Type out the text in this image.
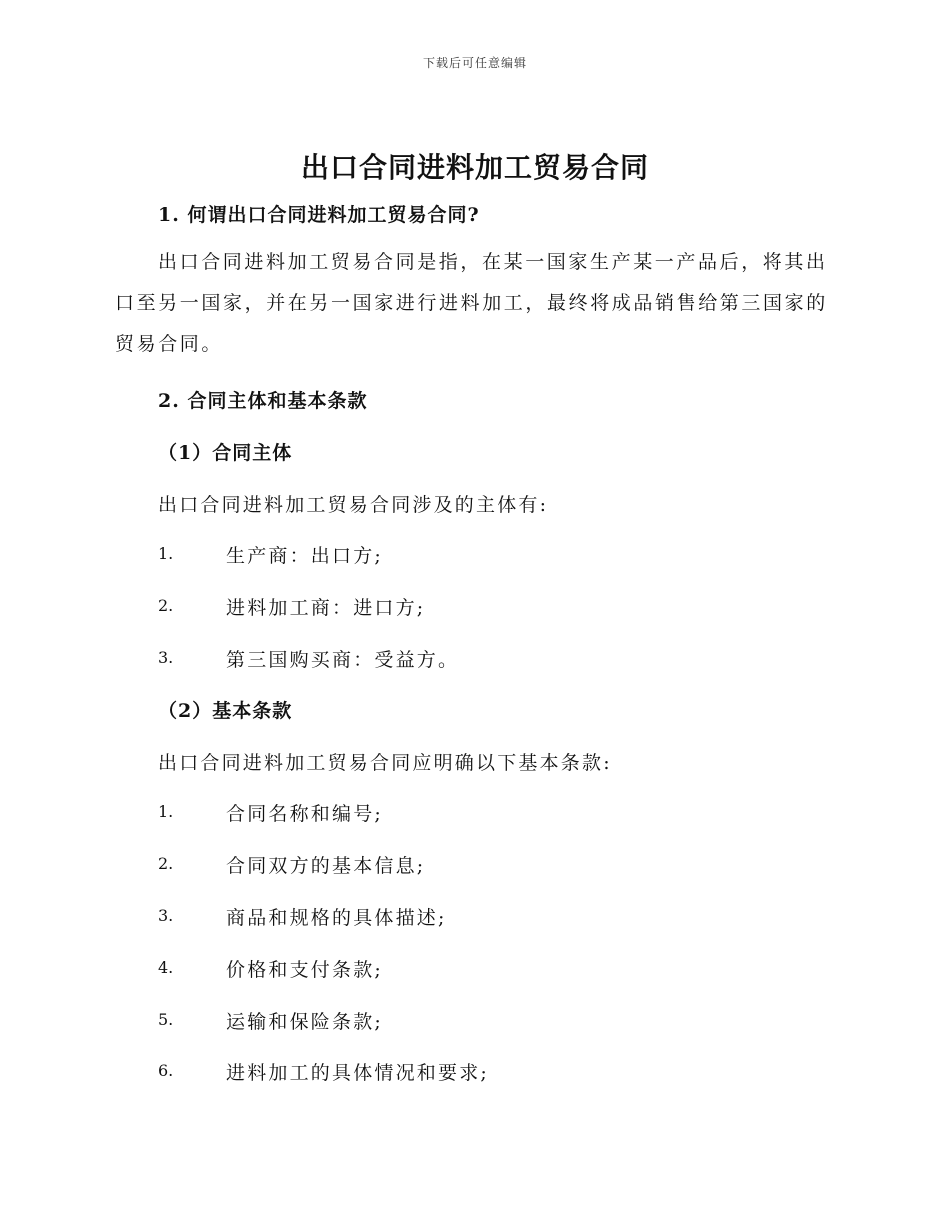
下载后可任意编辑
出口合同进料加工贸易合同
1. 何谓出口合同进料加工贸易合同?

出口合同进料加工贸易合同是指，在某一国家生产某一产品后，将其出口至另一国家，并在另一国家进行进料加工，最终将成品销售给第三国家的贸易合同。

2. 合同主体和基本条款
（1）合同主体

出口合同进料加工贸易合同涉及的主体有:

1.	生产商：出口方;
2.	进料加工商：进口方;
3.	第三国购买商：受益方。
（2）基本条款

出口合同进料加工贸易合同应明确以下基本条款:

1.	合同名称和编号;
2.	合同双方的基本信息;
3.	商品和规格的具体描述;
4.	价格和支付条款;
5.	运输和保险条款;
6.	进料加工的具体情况和要求;
